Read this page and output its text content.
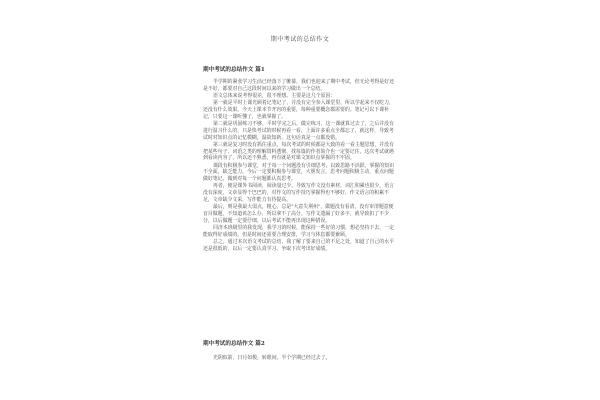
期中考试的总结作文
期中考试的总结作文 篇1

半学期的紧张学习生活已经落下了帷幕，我们也迎来了期中考试，但无论考得是好还是不好，都要对自己这段时间以来的学习做出一个总结。

语文总体来说考得很差，很不理想。主要是这几个原因：

第一就是平时上课光顾着记笔记了，并没有完全参入课堂里，所以学起来不仅吃力，还没有什么效果。今天上课本节开窍的重要，每种重要概念都需要的。笔记可以下课补记，只要这一课听懂了，也就掌握了。

第二就是巩固练习不够。平时学完之后，做完练习，这一课就算过去了，之后并没有进行温习什么的，只是快考试的时候再看一看，上面许多重点全都忘了，就这样，导致考试时对知识点的记忆模糊。温故知新，这句话真是一点都没错。

第三就是复习时没有抓住重点，每次考试的时候都是大致的看一看主题思想，并没有把某些句子、词语之类的理解资料透彻，找每篇的作者简介也一定要记住，这次考试就遇到看读内容了，所以还不熟悉，再有就是对课文知识点掌握的不牢固。

课段有积极参与课堂，对于每一个问题没有引细思考，以致思路不活跃，掌握的知识不全面，缺乏能力。今后一定要积极参与课堂，大胆发言，思考问题积极主动，重点问题做好笔记，做到对每一个问题都认真思考。

再者，便是课外书阅读，阅读量过少，导致写作文没有素材，词汇积累也很少，语言没有深度，文章显得干巴巴的，对作文的写作技巧掌握得也不够好，作文语言的积累不足，文章缺少文采，写作能力有待提高。

最后，则是我最大弱点，粗心，总是"大意失荆州"，做题没有看清，没有审清题意便盲目做题，不知道该怎么办，所以拿不了高分。写作文遗漏了好多字，就导致扣了不少分，以后做题一定要仔细，以后考试不能再出现这种错误。

同济本班级里的我发现，我学习的时候，能保持一些好的习惯，想必坚持下去，一定能取得好成绩的。但是时间还需要合理安排，学习与休息都要兼顾。

总之，通过本次语文考试的总结，我了解了要来自己的不足之处，知道了自己的水平还是很低的，以后一定要认真学习，争取下次考出好成绩。

期中考试的总结作文 篇2

光阴似箭，日月如梭，转眼间，半个学期已经过去了。
